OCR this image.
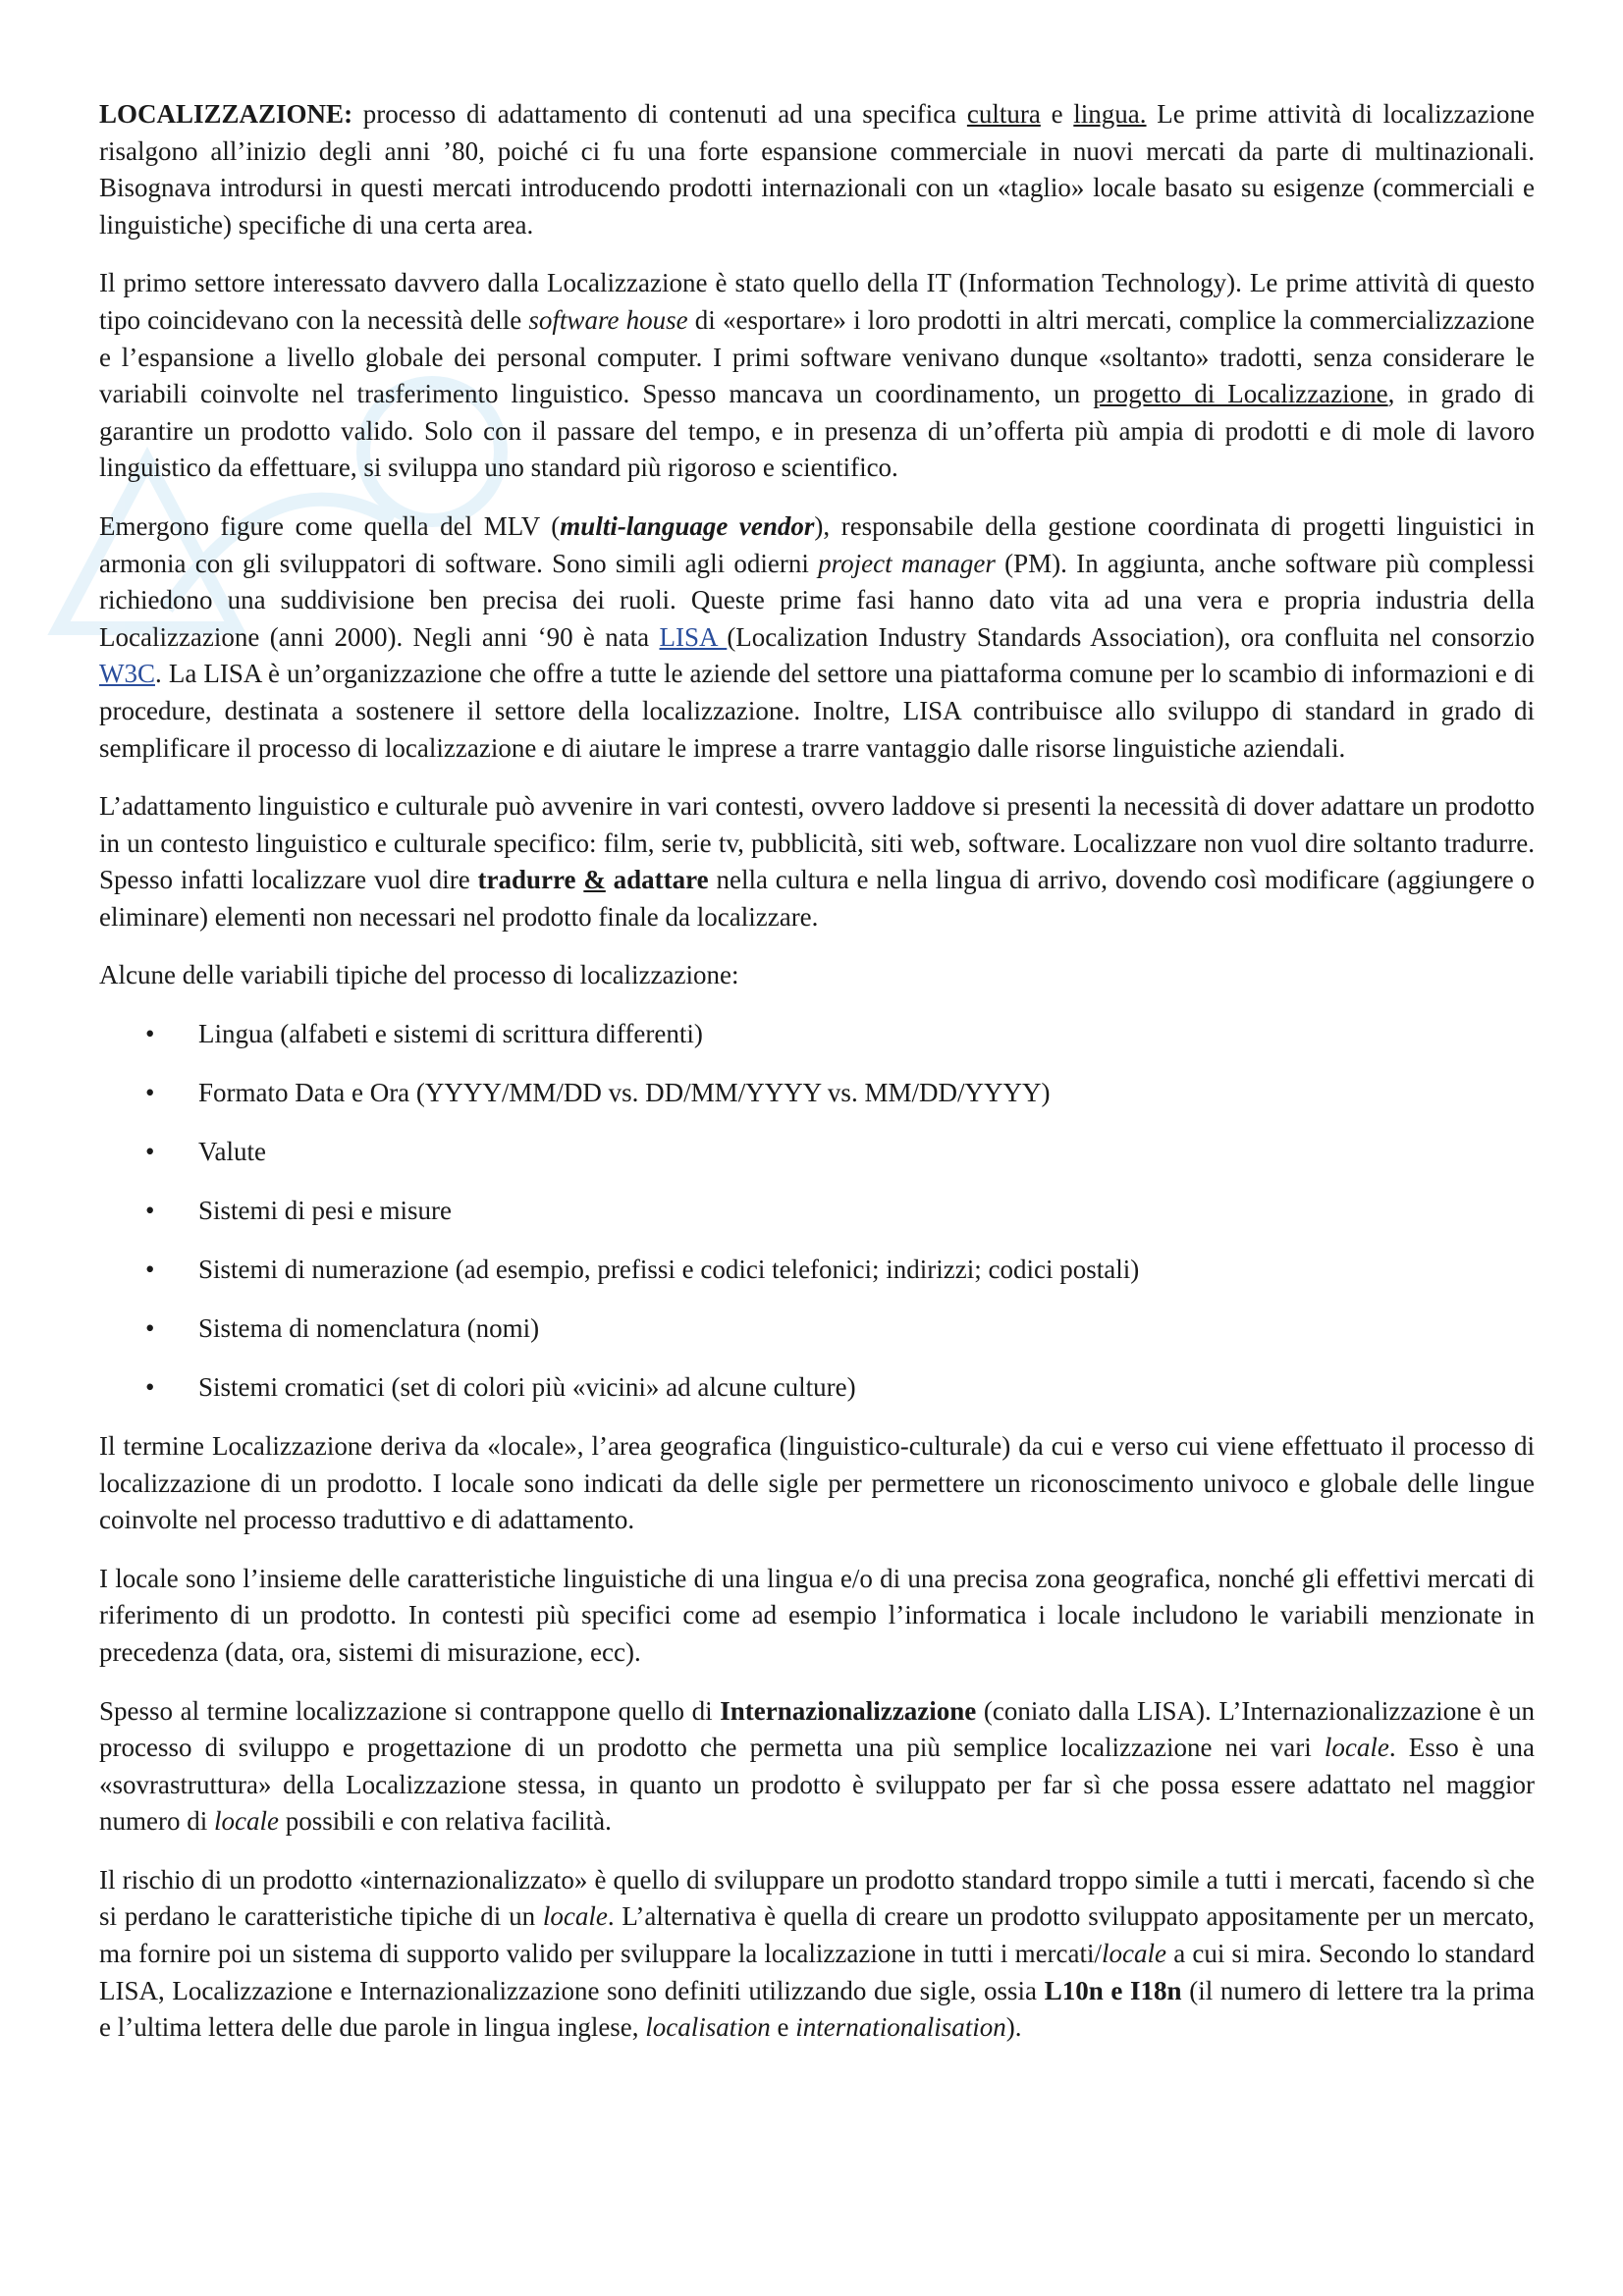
LOCALIZZAZIONE: processo di adattamento di contenuti ad una specifica cultura e lingua. Le prime attività di localizzazione risalgono all’inizio degli anni ’80, poiché ci fu una forte espansione commerciale in nuovi mercati da parte di multinazionali. Bisognava introdursi in questi mercati introducendo prodotti internazionali con un «taglio» locale basato su esigenze (commerciali e linguistiche) specifiche di una certa area.

Il primo settore interessato davvero dalla Localizzazione è stato quello della IT (Information Technology). Le prime attività di questo tipo coincidevano con la necessità delle software house di «esportare» i loro prodotti in altri mercati, complice la commercializzazione e l’espansione a livello globale dei personal computer. I primi software venivano dunque «soltanto» tradotti, senza considerare le variabili coinvolte nel trasferimento linguistico. Spesso mancava un coordinamento, un progetto di Localizzazione, in grado di garantire un prodotto valido. Solo con il passare del tempo, e in presenza di un’offerta più ampia di prodotti e di mole di lavoro linguistico da effettuare, si sviluppa uno standard più rigoroso e scientifico.

Emergono figure come quella del MLV (multi-language vendor), responsabile della gestione coordinata di progetti linguistici in armonia con gli sviluppatori di software. Sono simili agli odierni project manager (PM). In aggiunta, anche software più complessi richiedono una suddivisione ben precisa dei ruoli. Queste prime fasi hanno dato vita ad una vera e propria industria della Localizzazione (anni 2000). Negli anni ‘90 è nata LISA (Localization Industry Standards Association), ora confluita nel consorzio W3C. La LISA è un’organizzazione che offre a tutte le aziende del settore una piattaforma comune per lo scambio di informazioni e di procedure, destinata a sostenere il settore della localizzazione. Inoltre, LISA contribuisce allo sviluppo di standard in grado di semplificare il processo di localizzazione e di aiutare le imprese a trarre vantaggio dalle risorse linguistiche aziendali.

L’adattamento linguistico e culturale può avvenire in vari contesti, ovvero laddove si presenti la necessità di dover adattare un prodotto in un contesto linguistico e culturale specifico: film, serie tv, pubblicità, siti web, software. Localizzare non vuol dire soltanto tradurre. Spesso infatti localizzare vuol dire tradurre & adattare nella cultura e nella lingua di arrivo, dovendo così modificare (aggiungere o eliminare) elementi non necessari nel prodotto finale da localizzare.

Alcune delle variabili tipiche del processo di localizzazione:

• Lingua (alfabeti e sistemi di scrittura differenti)
• Formato Data e Ora (YYYY/MM/DD vs. DD/MM/YYYY vs. MM/DD/YYYY)
• Valute
• Sistemi di pesi e misure
• Sistemi di numerazione (ad esempio, prefissi e codici telefonici; indirizzi; codici postali)
• Sistema di nomenclatura (nomi)
• Sistemi cromatici (set di colori più «vicini» ad alcune culture)

Il termine Localizzazione deriva da «locale», l’area geografica (linguistico-culturale) da cui e verso cui viene effettuato il processo di localizzazione di un prodotto. I locale sono indicati da delle sigle per permettere un riconoscimento univoco e globale delle lingue coinvolte nel processo traduttivo e di adattamento.

I locale sono l’insieme delle caratteristiche linguistiche di una lingua e/o di una precisa zona geografica, nonché gli effettivi mercati di riferimento di un prodotto. In contesti più specifici come ad esempio l’informatica i locale includono le variabili menzionate in precedenza (data, ora, sistemi di misurazione, ecc).

Spesso al termine localizzazione si contrappone quello di Internazionalizzazione (coniato dalla LISA). L’Internazionalizzazione è un processo di sviluppo e progettazione di un prodotto che permetta una più semplice localizzazione nei vari locale. Esso è una «sovrastruttura» della Localizzazione stessa, in quanto un prodotto è sviluppato per far sì che possa essere adattato nel maggior numero di locale possibili e con relativa facilità.

Il rischio di un prodotto «internazionalizzato» è quello di sviluppare un prodotto standard troppo simile a tutti i mercati, facendo sì che si perdano le caratteristiche tipiche di un locale. L’alternativa è quella di creare un prodotto sviluppato appositamente per un mercato, ma fornire poi un sistema di supporto valido per sviluppare la localizzazione in tutti i mercati/locale a cui si mira. Secondo lo standard LISA, Localizzazione e Internazionalizzazione sono definiti utilizzando due sigle, ossia L10n e I18n (il numero di lettere tra la prima e l’ultima lettera delle due parole in lingua inglese, localisation e internationalisation).
